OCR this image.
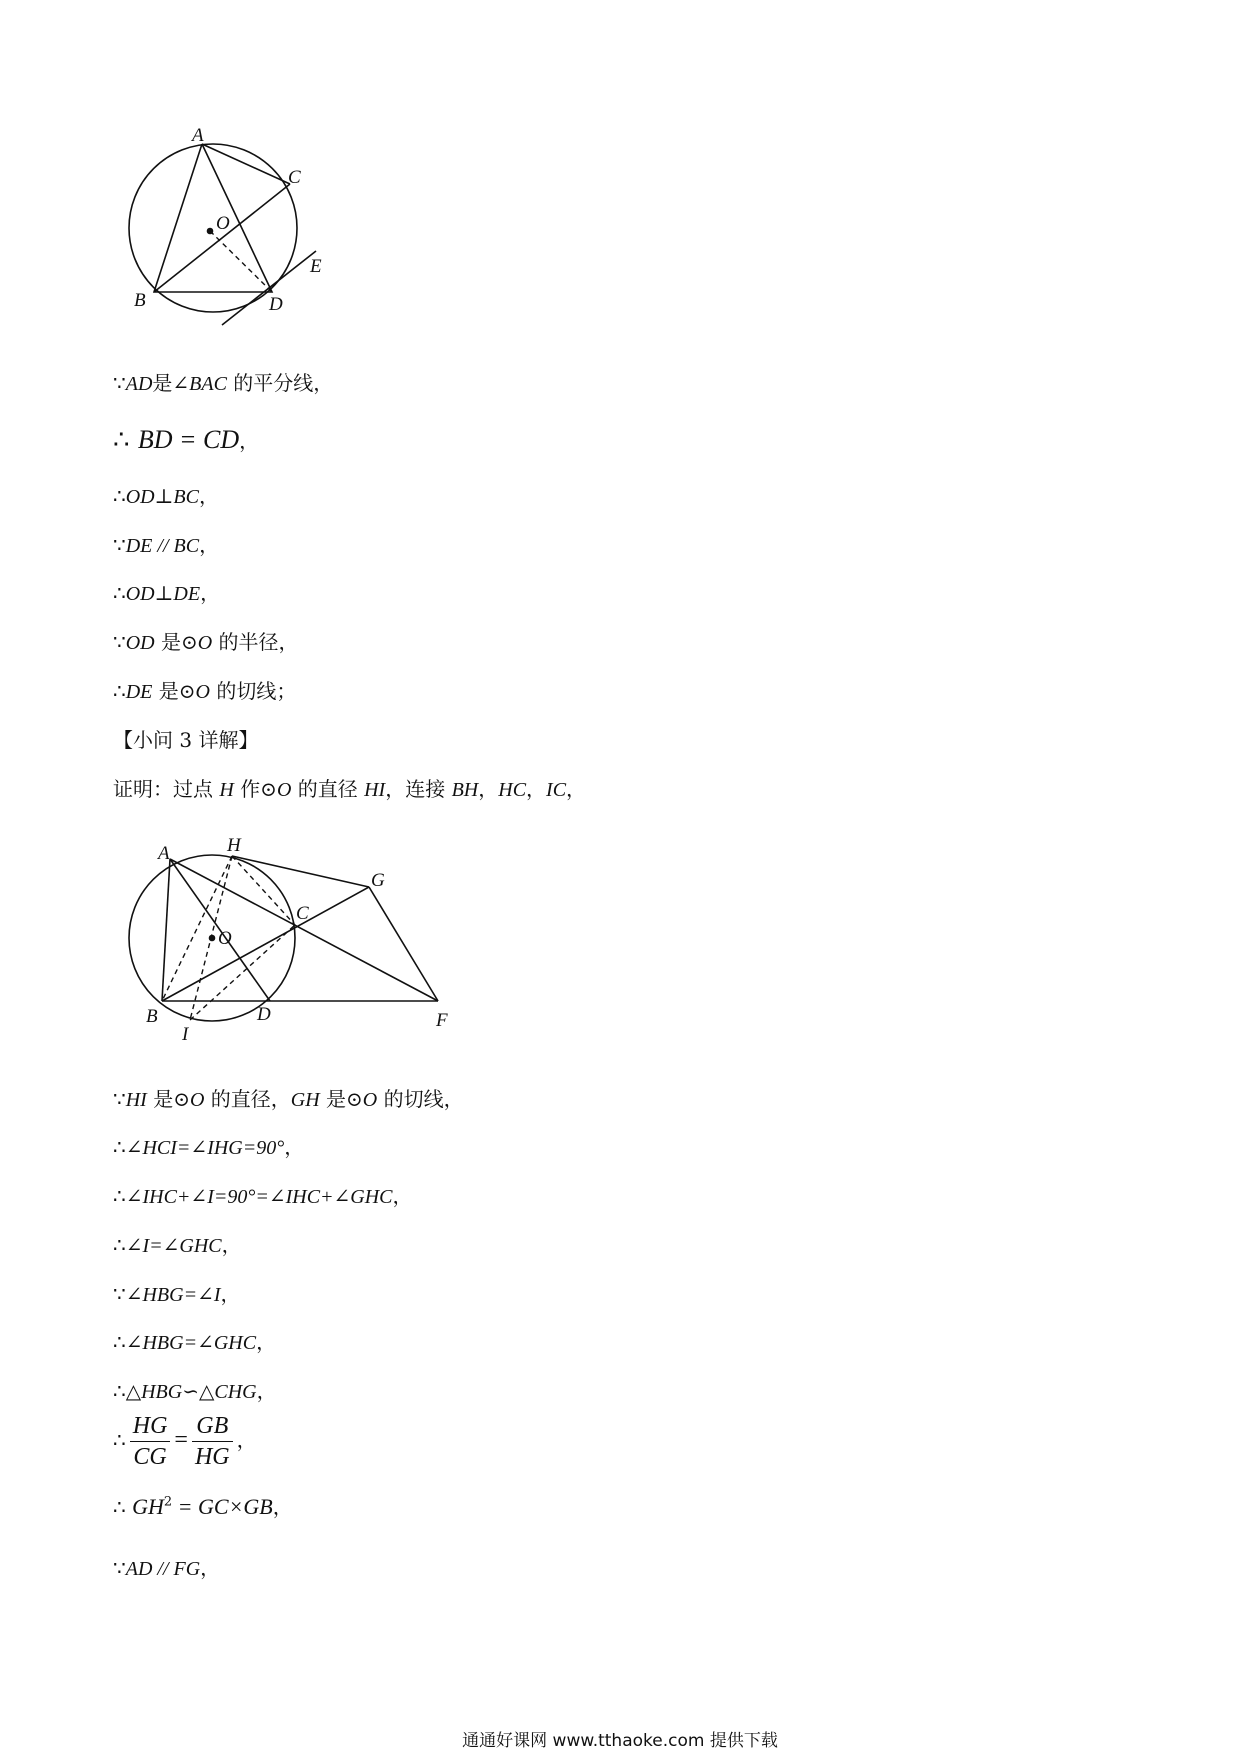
A
C
O
E
B	D
∵AD是∠BAC 的平分线，
∴ BD = CD，
∴OD⊥BC，
∵DE // BC，
∴OD⊥DE，
∵OD 是⊙O 的半径，
∴DE 是⊙O 的切线；
【小问 3 详解】
证明：过点 H 作⊙O 的直径 HI，连接 BH，HC，IC，
A	H
G
C
O
B
I
D	F
∵HI 是⊙O 的直径，GH 是⊙O 的切线，
∴∠HCI=∠IHG=90°，
∴∠IHC+∠I=90°=∠IHC+∠GHC，
∴∠I=∠GHC，
∵∠HBG=∠I，
∴∠HBG=∠GHC，
∴△HBG∽△CHG，
∴ $\frac{HG}{CG} = \frac{GB}{HG}$ ，
∴ $GH^2 = GC\times GB$，
∵AD // FG，
通通好课网 www.tthaoke.com 提供下载
